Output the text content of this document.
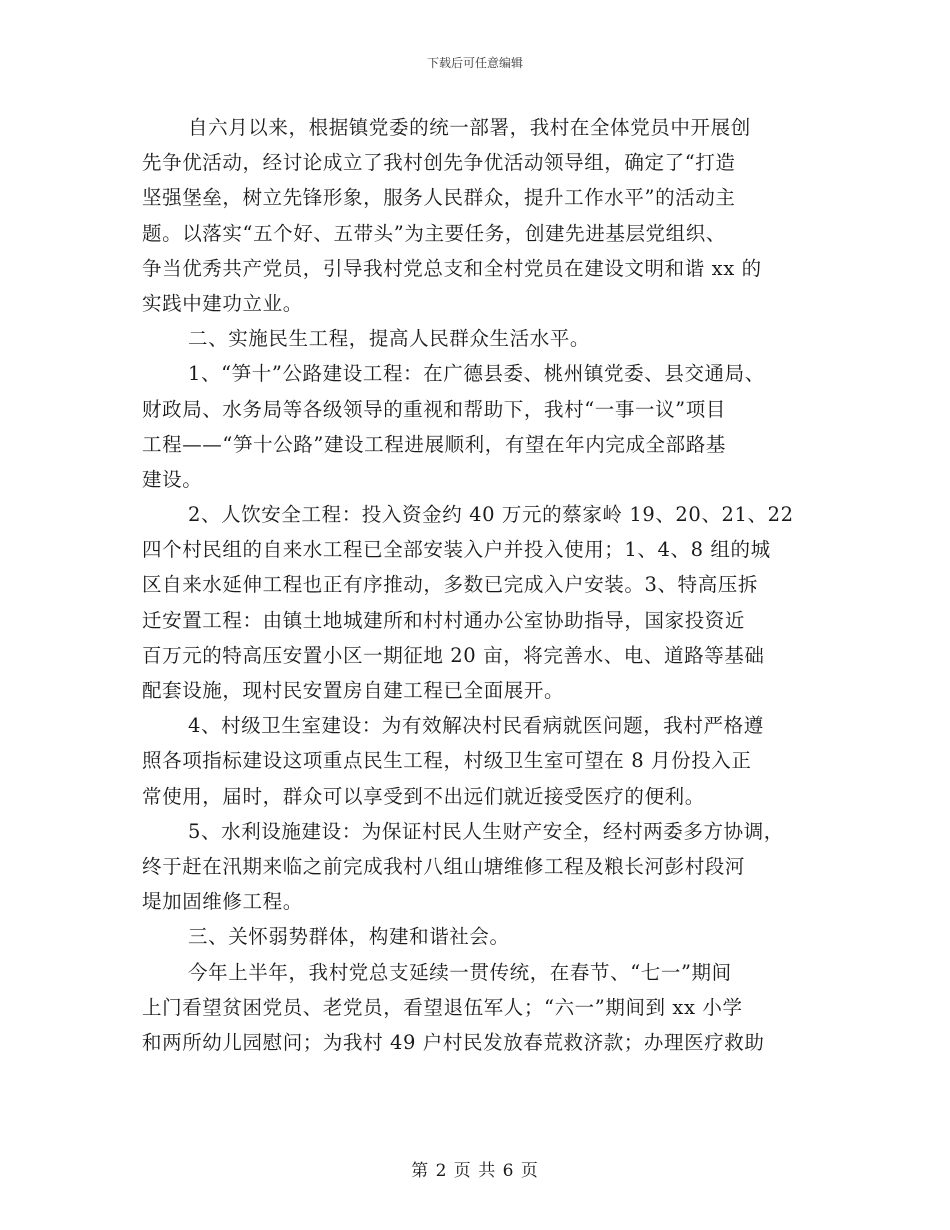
下载后可任意编辑
自六月以来，根据镇党委的统一部署，我村在全体党员中开展创
先争优活动，经讨论成立了我村创先争优活动领导组，确定了“打造
坚强堡垒，树立先锋形象，服务人民群众，提升工作水平”的活动主
题。以落实“五个好、五带头”为主要任务，创建先进基层党组织、
争当优秀共产党员，引导我村党总支和全村党员在建设文明和谐 xx 的
实践中建功立业。
二、实施民生工程，提高人民群众生活水平。
1、“笋十”公路建设工程：在广德县委、桃州镇党委、县交通局、
财政局、水务局等各级领导的重视和帮助下，我村“一事一议”项目
工程——“笋十公路”建设工程进展顺利，有望在年内完成全部路基
建设。
2、人饮安全工程：投入资金约 40 万元的蔡家岭 19、20、21、22
四个村民组的自来水工程已全部安装入户并投入使用；1、4、8 组的城
区自来水延伸工程也正有序推动，多数已完成入户安装。3、特高压拆
迁安置工程：由镇土地城建所和村村通办公室协助指导，国家投资近
百万元的特高压安置小区一期征地 20 亩，将完善水、电、道路等基础
配套设施，现村民安置房自建工程已全面展开。
4、村级卫生室建设：为有效解决村民看病就医问题，我村严格遵
照各项指标建设这项重点民生工程，村级卫生室可望在 8 月份投入正
常使用，届时，群众可以享受到不出远们就近接受医疗的便利。
5、水利设施建设：为保证村民人生财产安全，经村两委多方协调，
终于赶在汛期来临之前完成我村八组山塘维修工程及粮长河彭村段河
堤加固维修工程。
三、关怀弱势群体，构建和谐社会。
今年上半年，我村党总支延续一贯传统，在春节、“七一”期间
上门看望贫困党员、老党员，看望退伍军人；“六一”期间到 xx 小学
和两所幼儿园慰问；为我村 49 户村民发放春荒救济款；办理医疗救助
第 2 页 共 6 页
